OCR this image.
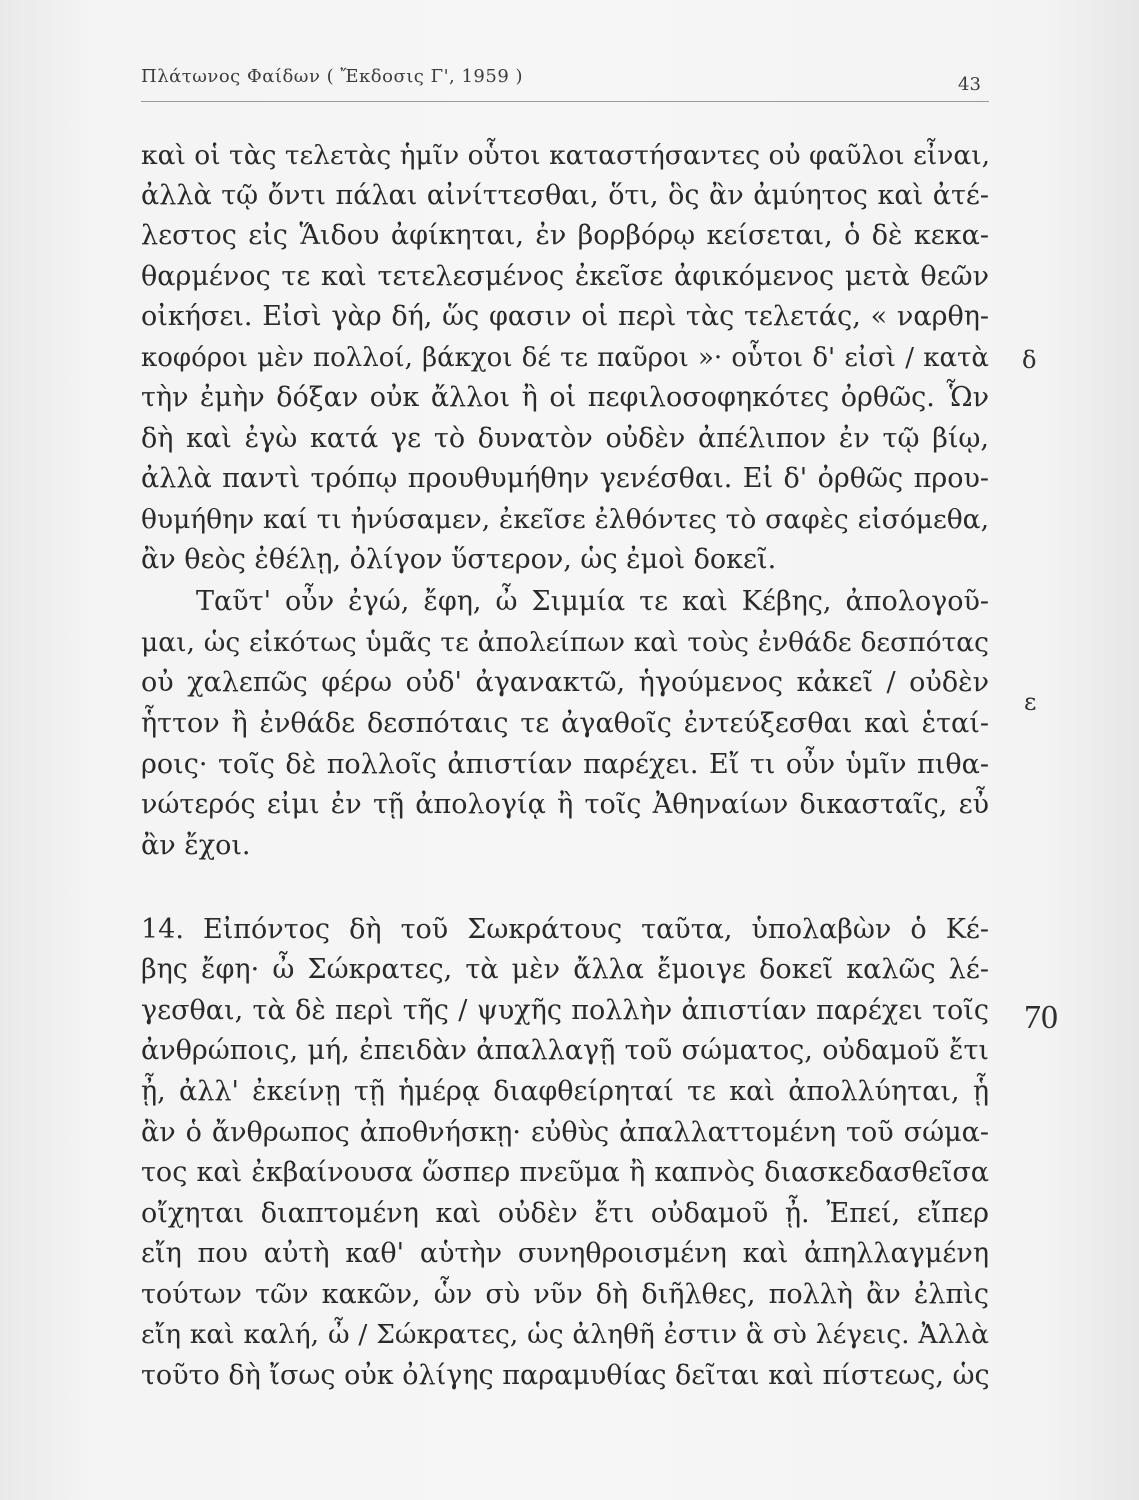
Πλάτωνος Φαίδων ( Ἔκδοσις Γ', 1959 )	43
καὶ οἱ τὰς τελετὰς ἡμῖν οὗτοι καταστήσαντες οὐ φαῦλοι εἶναι,
ἀλλὰ τῷ ὄντι πάλαι αἰνίττεσθαι, ὅτι, ὃς ἂν ἀμύητος καὶ ἀτέ-
λεστος εἰς Ἅιδου ἀφίκηται, ἐν βορβόρῳ κείσεται, ὁ δὲ κεκα-
θαρμένος τε καὶ τετελεσμένος ἐκεῖσε ἀφικόμενος μετὰ θεῶν
οἰκήσει. Εἰσὶ γὰρ δή, ὥς φασιν οἱ περὶ τὰς τελετάς, « ναρθη-
κοφόροι μὲν πολλοί, βάκχοι δέ τε παῦροι »· οὗτοι δ' εἰσὶ / κατὰ
τὴν ἐμὴν δόξαν οὐκ ἄλλοι ἢ οἱ πεφιλοσοφηκότες ὀρθῶς. Ὧν
δὴ καὶ ἐγὼ κατά γε τὸ δυνατὸν οὐδὲν ἀπέλιπον ἐν τῷ βίῳ,
ἀλλὰ παντὶ τρόπῳ προυθυμήθην γενέσθαι. Εἰ δ' ὀρθῶς πρου-
θυμήθην καί τι ἠνύσαμεν, ἐκεῖσε ἐλθόντες τὸ σαφὲς εἰσόμεθα,
ἂν θεὸς ἐθέλῃ, ὀλίγον ὕστερον, ὡς ἐμοὶ δοκεῖ.
Ταῦτ' οὖν ἐγώ, ἔφη, ὦ Σιμμία τε καὶ Κέβης, ἀπολογοῦ-
μαι, ὡς εἰκότως ὑμᾶς τε ἀπολείπων καὶ τοὺς ἐνθάδε δεσπότας
οὐ χαλεπῶς φέρω οὐδ' ἀγανακτῶ, ἡγούμενος κἀκεῖ / οὐδὲν
ἧττον ἢ ἐνθάδε δεσπόταις τε ἀγαθοῖς ἐντεύξεσθαι καὶ ἑταί-
ροις· τοῖς δὲ πολλοῖς ἀπιστίαν παρέχει. Εἴ τι οὖν ὑμῖν πιθα-
νώτερός εἰμι ἐν τῇ ἀπολογίᾳ ἢ τοῖς Ἀθηναίων δικασταῖς, εὖ
ἂν ἔχοι.
14. Εἰπόντος δὴ τοῦ Σωκράτους ταῦτα, ὑπολαβὼν ὁ Κέ-
βης ἔφη· ὦ Σώκρατες, τὰ μὲν ἄλλα ἔμοιγε δοκεῖ καλῶς λέ-
γεσθαι, τὰ δὲ περὶ τῆς / ψυχῆς πολλὴν ἀπιστίαν παρέχει τοῖς
ἀνθρώποις, μή, ἐπειδὰν ἀπαλλαγῇ τοῦ σώματος, οὐδαμοῦ ἔτι
ᾖ, ἀλλ' ἐκείνῃ τῇ ἡμέρᾳ διαφθείρηταί τε καὶ ἀπολλύηται, ᾗ
ἂν ὁ ἄνθρωπος ἀποθνήσκῃ· εὐθὺς ἀπαλλαττομένη τοῦ σώμα-
τος καὶ ἐκβαίνουσα ὥσπερ πνεῦμα ἢ καπνὸς διασκεδασθεῖσα
οἴχηται διαπτομένη καὶ οὐδὲν ἔτι οὐδαμοῦ ᾖ. Ἐπεί, εἴπερ
εἴη που αὐτὴ καθ' αὑτὴν συνηθροισμένη καὶ ἀπηλλαγμένη
τούτων τῶν κακῶν, ὧν σὺ νῦν δὴ διῆλθες, πολλὴ ἂν ἐλπὶς
εἴη καὶ καλή, ὦ / Σώκρατες, ὡς ἀληθῆ ἐστιν ἃ σὺ λέγεις. Ἀλλὰ
τοῦτο δὴ ἴσως οὐκ ὀλίγης παραμυθίας δεῖται καὶ πίστεως, ὡς
δ
ε
70
